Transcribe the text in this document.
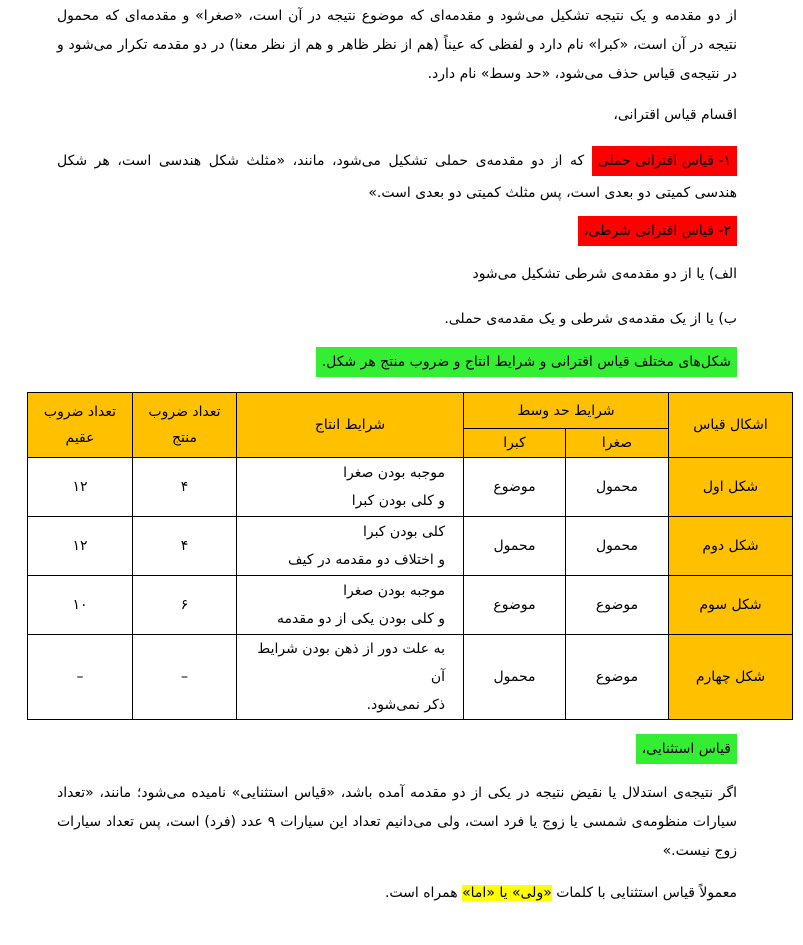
از دو مقدمه و یک نتیجه تشکیل می‌شود و مقدمه‌ای که موضوع نتیجه در آن است، «صغرا» و مقدمه‌ای که محمول نتیجه در آن است، «کبرا» نام دارد و لفظی که عیناً (هم از نظر ظاهر و هم از نظر معنا) در دو مقدمه تکرار می‌شود و در نتیجه‌ی قیاس حذف می‌شود، «حد وسط» نام دارد.

اقسام قیاس اقترانی،

۱- قیاس اقترانی حملی که از دو مقدمه‌ی حملی تشکیل می‌شود، مانند، «مثلث شکل هندسی است، هر شکل هندسی کمیتی دو بعدی است، پس مثلث کمیتی دو بعدی است.»

۲- قیاس اقترانی شرطی،

الف) یا از دو مقدمه‌ی شرطی تشکیل می‌شود

ب) یا از یک مقدمه‌ی شرطی و یک مقدمه‌ی حملی.

شکل‌های مختلف قیاس اقترانی و شرایط انتاج و ضروب منتج هر شکل.

اشکال قیاس	شرایط حد وسط		شرایط انتاج	تعداد ضروب منتج	تعداد ضروب عقیم
	صغرا	کبرا			
شکل اول	محمول	موضوع	موجبه بودن صغرا
و کلی بودن کبرا	۴	۱۲
شکل دوم	محمول	محمول	کلی بودن کبرا
و اختلاف دو مقدمه در کیف	۴	۱۲
شکل سوم	موضوع	موضوع	موجبه بودن صغرا
و کلی بودن یکی از دو مقدمه	۶	۱۰
شکل چهارم	موضوع	محمول	به علت دور از ذهن بودن شرایط آن
ذکر نمی‌شود.	–	–

قیاس استثنایی،

اگر نتیجه‌ی استدلال یا نقیض نتیجه در یکی از دو مقدمه آمده باشد، «قیاس استثنایی» نامیده می‌شود؛ مانند، «تعداد سیارات منظومه‌ی شمسی یا زوج یا فرد است، ولی می‌دانیم تعداد این سیارات ۹ عدد (فرد) است، پس تعداد سیارات زوج نیست.»

معمولاً قیاس استثنایی با کلمات «ولی» یا «اما» همراه است.
